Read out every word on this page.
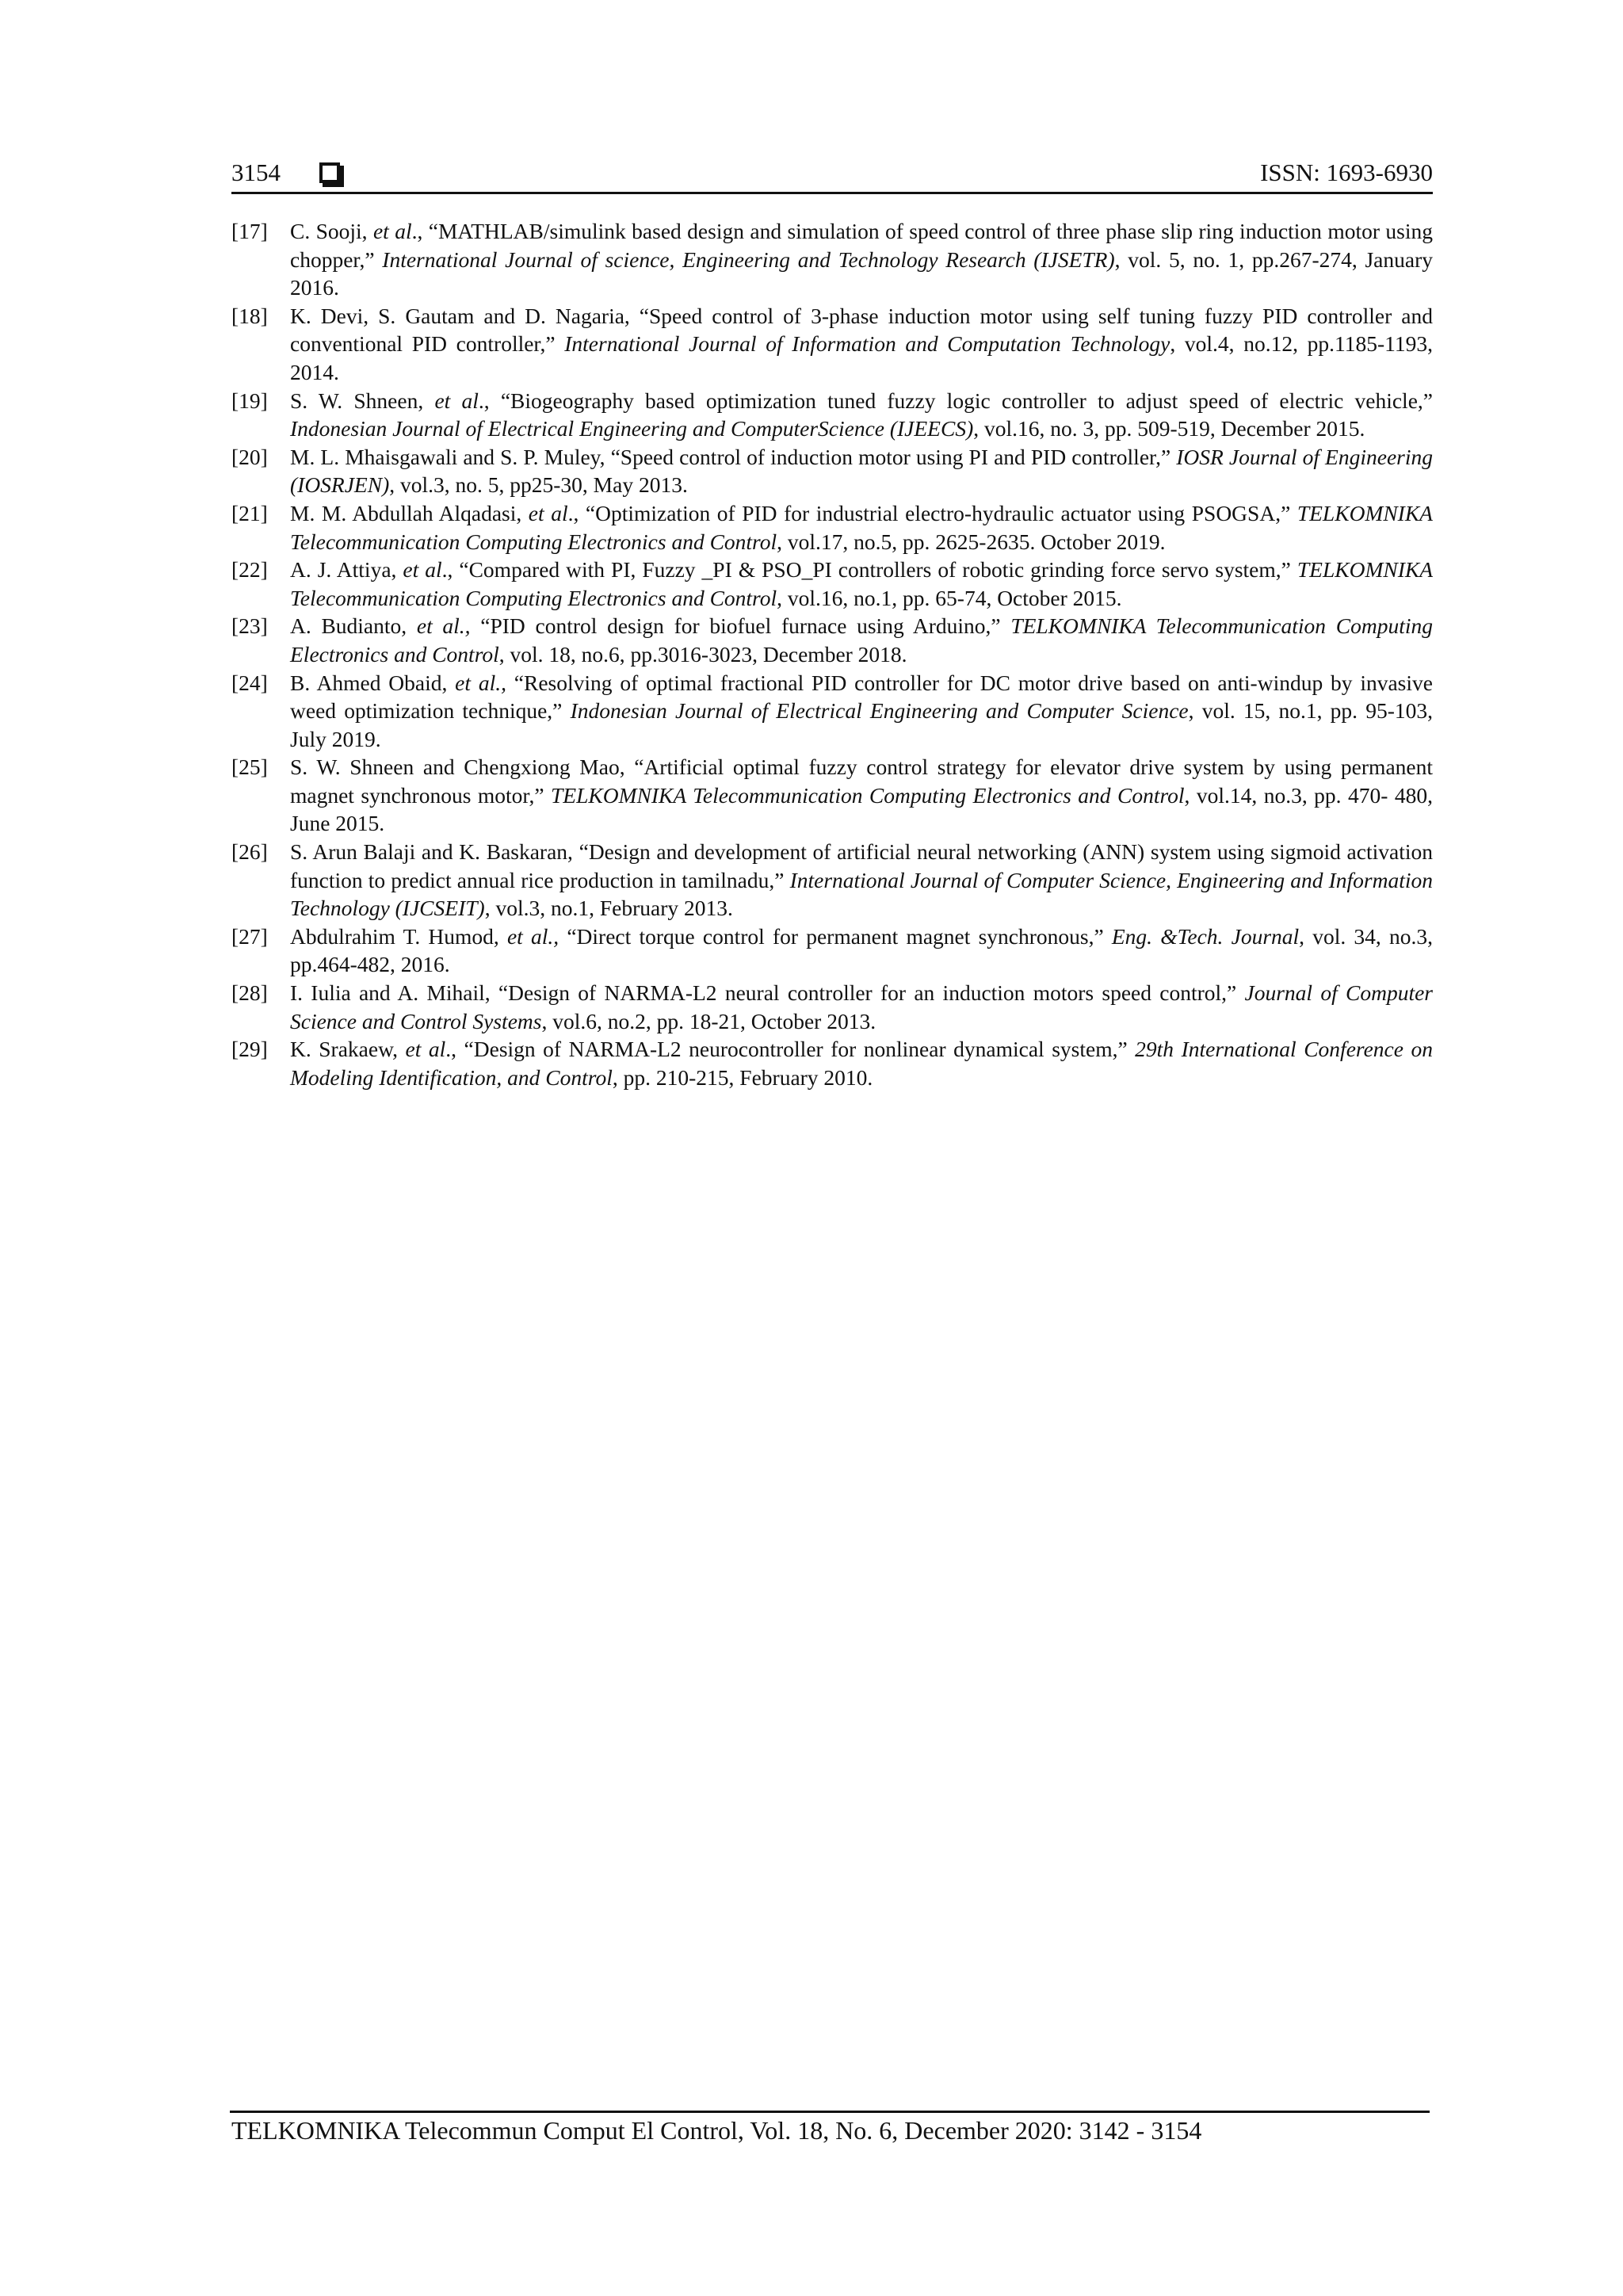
3154	ISSN: 1693-6930
[17]	C. Sooji, et al., “MATHLAB/simulink based design and simulation of speed control of three phase slip ring induction motor using chopper,” International Journal of science, Engineering and Technology Research (IJSETR), vol. 5, no. 1, pp.267-274, January 2016.
[18]	K. Devi, S. Gautam and D. Nagaria, “Speed control of 3-phase induction motor using self tuning fuzzy PID controller and conventional PID controller,” International Journal of Information and Computation Technology, vol.4, no.12, pp.1185-1193, 2014.
[19]	S. W. Shneen, et al., “Biogeography based optimization tuned fuzzy logic controller to adjust speed of electric vehicle,” Indonesian Journal of Electrical Engineering and ComputerScience (IJEECS), vol.16, no. 3, pp. 509-519, December 2015.
[20]	M. L. Mhaisgawali and S. P. Muley, “Speed control of induction motor using PI and PID controller,” IOSR Journal of Engineering (IOSRJEN), vol.3, no. 5, pp25-30, May 2013.
[21]	M. M. Abdullah Alqadasi, et al., “Optimization of PID for industrial electro-hydraulic actuator using PSOGSA,” TELKOMNIKA Telecommunication Computing Electronics and Control, vol.17, no.5, pp. 2625-2635. October 2019.
[22]	A. J. Attiya, et al., “Compared with PI, Fuzzy _PI & PSO_PI controllers of robotic grinding force servo system,” TELKOMNIKA Telecommunication Computing Electronics and Control, vol.16, no.1, pp. 65-74, October 2015.
[23]	A. Budianto, et al., “PID control design for biofuel furnace using Arduino,” TELKOMNIKA Telecommunication Computing Electronics and Control, vol. 18, no.6, pp.3016-3023, December 2018.
[24]	B. Ahmed Obaid, et al., “Resolving of optimal fractional PID controller for DC motor drive based on anti-windup by invasive weed optimization technique,” Indonesian Journal of Electrical Engineering and Computer Science, vol. 15, no.1, pp. 95-103, July 2019.
[25]	S. W. Shneen and Chengxiong Mao, “Artificial optimal fuzzy control strategy for elevator drive system by using permanent magnet synchronous motor,” TELKOMNIKA Telecommunication Computing Electronics and Control, vol.14, no.3, pp. 470- 480, June 2015.
[26]	S. Arun Balaji and K. Baskaran, “Design and development of artificial neural networking (ANN) system using sigmoid activation function to predict annual rice production in tamilnadu,” International Journal of Computer Science, Engineering and Information Technology (IJCSEIT), vol.3, no.1, February 2013.
[27]	Abdulrahim T. Humod, et al., “Direct torque control for permanent magnet synchronous,” Eng. &Tech. Journal, vol. 34, no.3, pp.464-482, 2016.
[28]	I. Iulia and A. Mihail, “Design of NARMA-L2 neural controller for an induction motors speed control,” Journal of Computer Science and Control Systems, vol.6, no.2, pp. 18-21, October 2013.
[29]	K. Srakaew, et al., “Design of NARMA-L2 neurocontroller for nonlinear dynamical system,” 29th International Conference on Modeling Identification, and Control, pp. 210-215, February 2010.
TELKOMNIKA Telecommun Comput El Control, Vol. 18, No. 6, December 2020: 3142 - 3154
